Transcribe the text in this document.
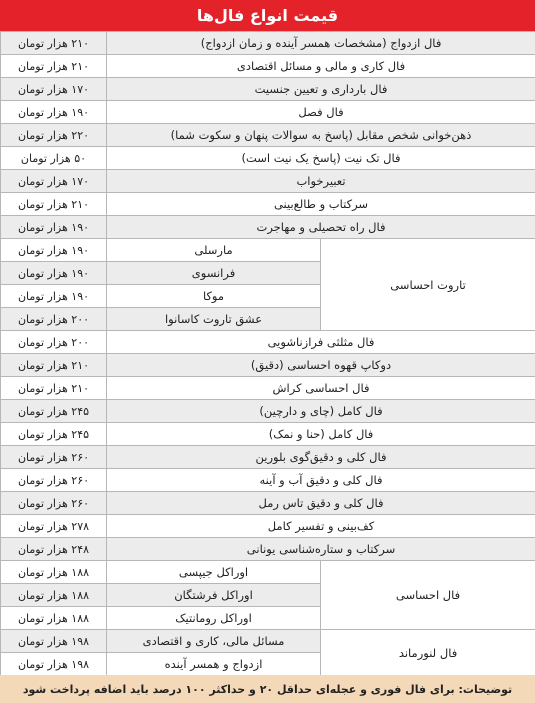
قیمت انواع فال‌ها
فال ازدواج (مشخصات همسر آینده و زمان ازدواج)		۲۱۰ هزار تومان
فال کاری و مالی و مسائل اقتصادی		۲۱۰ هزار تومان
فال بارداری و تعیین جنسیت		۱۷۰ هزار تومان
فال فصل		۱۹۰ هزار تومان
ذهن‌خوانی شخص مقابل (پاسخ به سوالات پنهان و سکوت شما)		۲۲۰ هزار تومان
فال تک نیت (پاسخ یک نیت است)		۵۰ هزار تومان
تعبیرخواب		۱۷۰ هزار تومان
سرکتاب و طالع‌بینی		۲۱۰ هزار تومان
فال راه تحصیلی و مهاجرت		۱۹۰ هزار تومان
تاروت احساسی	مارسلی	۱۹۰ هزار تومان
	فرانسوی	۱۹۰ هزار تومان
	موکا	۱۹۰ هزار تومان
	عشق تاروت کاسانوا	۲۰۰ هزار تومان
فال مثلثی فرازناشویی		۲۰۰ هزار تومان
دوکاپ قهوه احساسی (دقیق)		۲۱۰ هزار تومان
فال احساسی کراش		۲۱۰ هزار تومان
فال کامل (چای و دارچین)		۲۴۵ هزار تومان
فال کامل (حنا و نمک)		۲۴۵ هزار تومان
فال کلی و دقیق‌گوی بلورین		۲۶۰ هزار تومان
فال کلی و دقیق آب و آینه		۲۶۰ هزار تومان
فال کلی و دقیق تاس رمل		۲۶۰ هزار تومان
کف‌بینی و تفسیر کامل		۲۷۸ هزار تومان
سرکتاب و ستاره‌شناسی یونانی		۲۴۸ هزار تومان
فال احساسی	اوراکل جیپسی	۱۸۸ هزار تومان
	اوراکل فرشتگان	۱۸۸ هزار تومان
	اوراکل رومانتیک	۱۸۸ هزار تومان
فال لنورماند	مسائل مالی، کاری و اقتصادی	۱۹۸ هزار تومان
	ازدواج و همسر آینده	۱۹۸ هزار تومان
توضیحات: برای فال فوری و عجله‌ای حداقل ۲۰ و حداکثر ۱۰۰ درصد باید اضافه پرداخت شود
